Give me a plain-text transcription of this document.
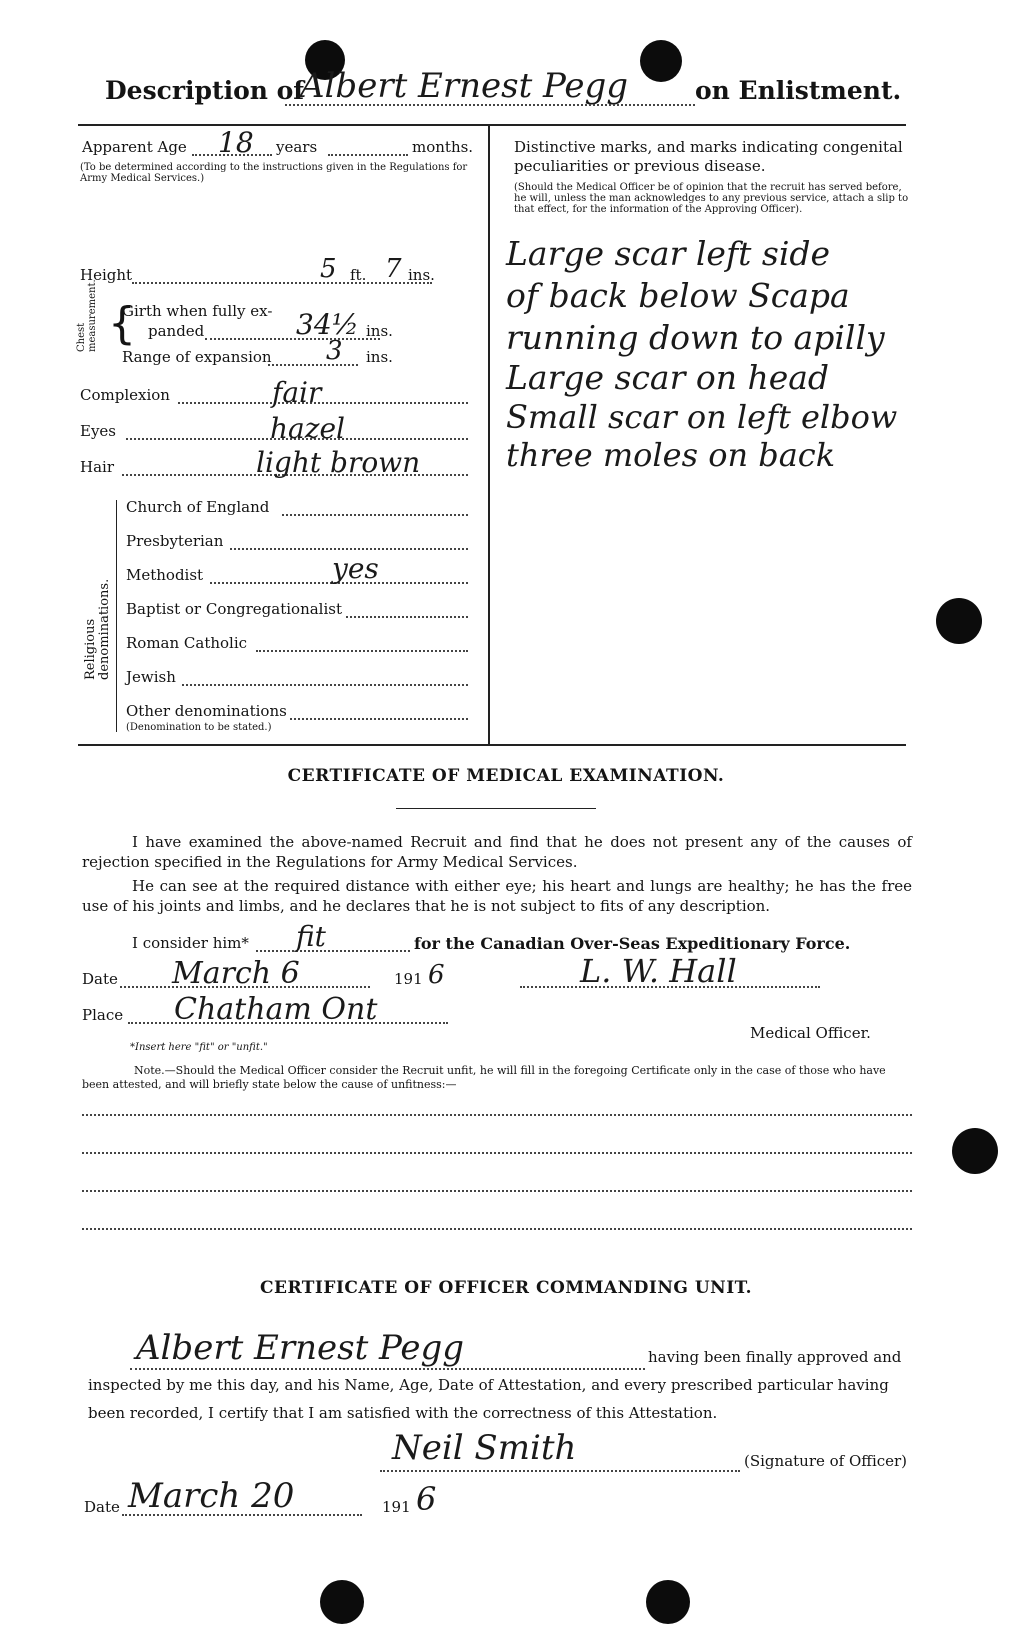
Description of
Albert Ernest Pegg	on Enlistment.
Apparent Age 18 years	months.
(To be determined according to the instructions given in the Regulations for Army Medical Services.)
Height	5 ft. 7 ins.
Chest measurement. {
Girth when fully ex-
panded	34½ ins.
Range of expansion 3 ins.
Complexion	fair
Eyes	hazel
Hair	light brown
Religious denominations.
Church of England
Presbyterian
Methodist	yes
Baptist or Congregationalist
Roman Catholic
Jewish
Other denominations
(Denomination to be stated.)
Distinctive marks, and marks indicating congenital peculiarities or previous disease.
(Should the Medical Officer be of opinion that the recruit has served before, he will, unless the man acknowledges to any previous service, attach a slip to that effect, for the information of the Approving Officer).
Large scar left side
of back below Scapa
running down to apilly
Large scar on head
Small scar on left elbow
three moles on back
CERTIFICATE OF MEDICAL EXAMINATION.
I have examined the above-named Recruit and find that he does not present any of the causes of rejection specified in the Regulations for Army Medical Services.
He can see at the required distance with either eye; his heart and lungs are healthy; he has the free use of his joints and limbs, and he declares that he is not subject to fits of any description.
I consider him* fit	for the Canadian Over-Seas Expeditionary Force.
Date March 6	191 6	L. W. Hall
Place Chatham Ont
Medical Officer.
*Insert here "fit" or "unfit."
Note.—Should the Medical Officer consider the Recruit unfit, he will fill in the foregoing Certificate only in the case of those who have been attested, and will briefly state below the cause of unfitness:—
CERTIFICATE OF OFFICER COMMANDING UNIT.
Albert Ernest Pegg	having been finally approved and
inspected by me this day, and his Name, Age, Date of Attestation, and every prescribed particular having
been recorded, I certify that I am satisfied with the correctness of this Attestation.
Neil Smith	(Signature of Officer)
Date March 20	191 6
